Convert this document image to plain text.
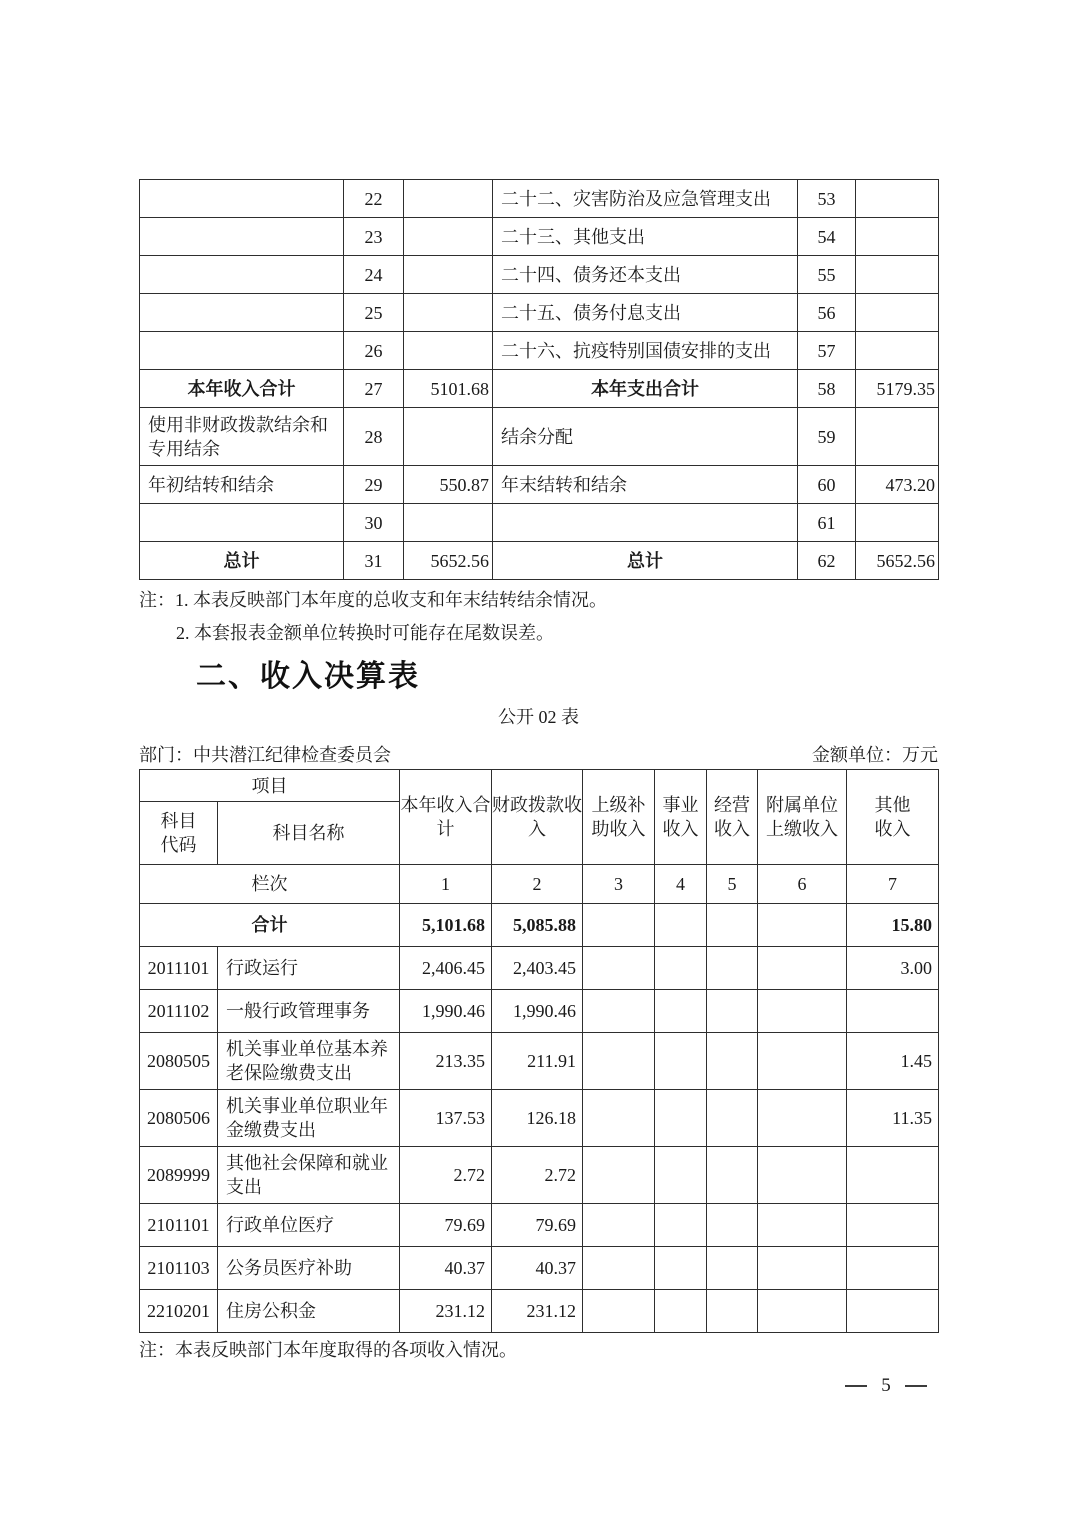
	22		二十二、灾害防治及应急管理支出	53	
	23		二十三、其他支出	54	
	24		二十四、债务还本支出	55	
	25		二十五、债务付息支出	56	
	26		二十六、抗疫特别国债安排的支出	57	
本年收入合计	27	5101.68	本年支出合计	58	5179.35
使用非财政拨款结余和专用结余	28		结余分配	59	
年初结转和结余	29	550.87	年末结转和结余	60	473.20
	30			61	
总计	31	5652.56	总计	62	5652.56
注：1. 本表反映部门本年度的总收支和年末结转结余情况。
2. 本套报表金额单位转换时可能存在尾数误差。
二、收入决算表
公开 02 表
部门：中共潜江纪律检查委员会	金额单位：万元
项目		本年收入合计	财政拨款收入	上级补助收入	事业收入	经营收入	附属单位上缴收入	其他收入
科目代码	科目名称							
栏次		1	2	3	4	5	6	7
合计		5,101.68	5,085.88					15.80
2011101	行政运行	2,406.45	2,403.45					3.00
2011102	一般行政管理事务	1,990.46	1,990.46					
2080505	机关事业单位基本养老保险缴费支出	213.35	211.91					1.45
2080506	机关事业单位职业年金缴费支出	137.53	126.18					11.35
2089999	其他社会保障和就业支出	2.72	2.72					
2101101	行政单位医疗	79.69	79.69					
2101103	公务员医疗补助	40.37	40.37					
2210201	住房公积金	231.12	231.12					
注：本表反映部门本年度取得的各项收入情况。
5
